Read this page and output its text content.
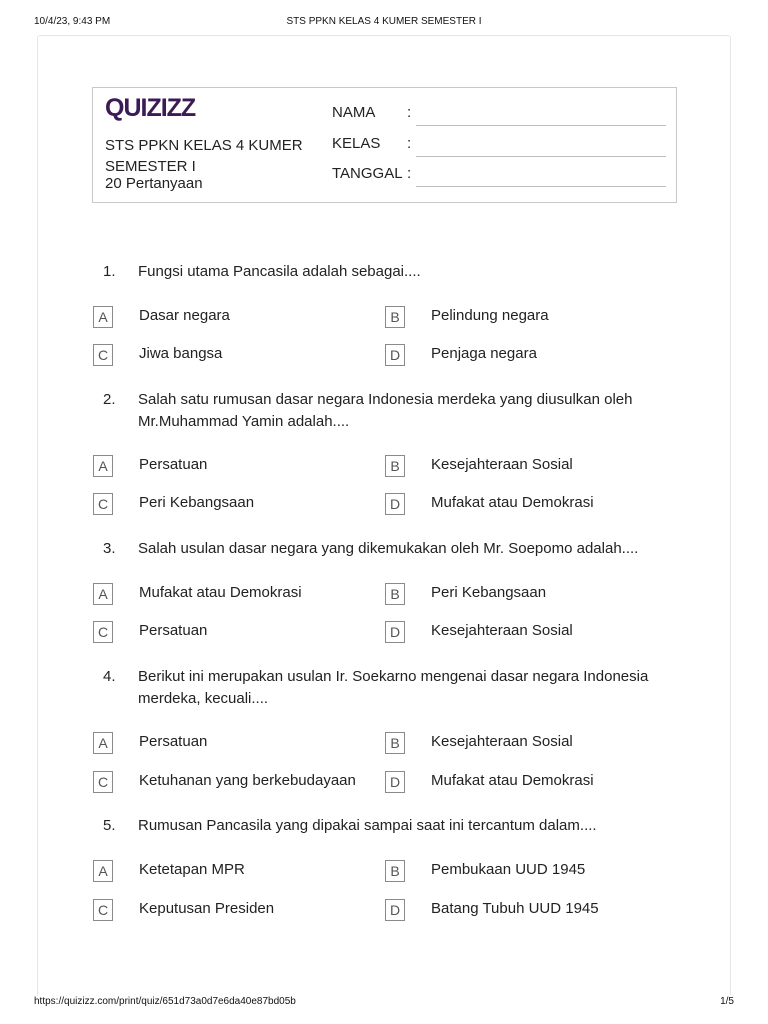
STS PPKN KELAS 4 KUMER SEMESTER I
10/4/23, 9:43 PM
QUIZIZZ
STS PPKN KELAS 4 KUMER SEMESTER I
20 Pertanyaan
NAMA :
KELAS :
TANGGAL :
1. Fungsi utama Pancasila adalah sebagai....
A	Dasar negara	B	Pelindung negara
C	Jiwa bangsa	D	Penjaga negara
2. Salah satu rumusan dasar negara Indonesia merdeka yang diusulkan oleh Mr.Muhammad Yamin adalah....
A	Persatuan	B	Kesejahteraan Sosial
C	Peri Kebangsaan	D	Mufakat atau Demokrasi
3. Salah usulan dasar negara yang dikemukakan oleh Mr. Soepomo adalah....
A	Mufakat atau Demokrasi	B	Peri Kebangsaan
C	Persatuan	D	Kesejahteraan Sosial
4. Berikut ini merupakan usulan Ir. Soekarno mengenai dasar negara Indonesia merdeka, kecuali....
A	Persatuan	B	Kesejahteraan Sosial
C	Ketuhanan yang berkebudayaan	D	Mufakat atau Demokrasi
5. Rumusan Pancasila yang dipakai sampai saat ini tercantum dalam....
A	Ketetapan MPR	B	Pembukaan UUD 1945
C	Keputusan Presiden	D	Batang Tubuh UUD 1945
https://quizizz.com/print/quiz/651d73a0d7e6da40e87bd05b	1/5
